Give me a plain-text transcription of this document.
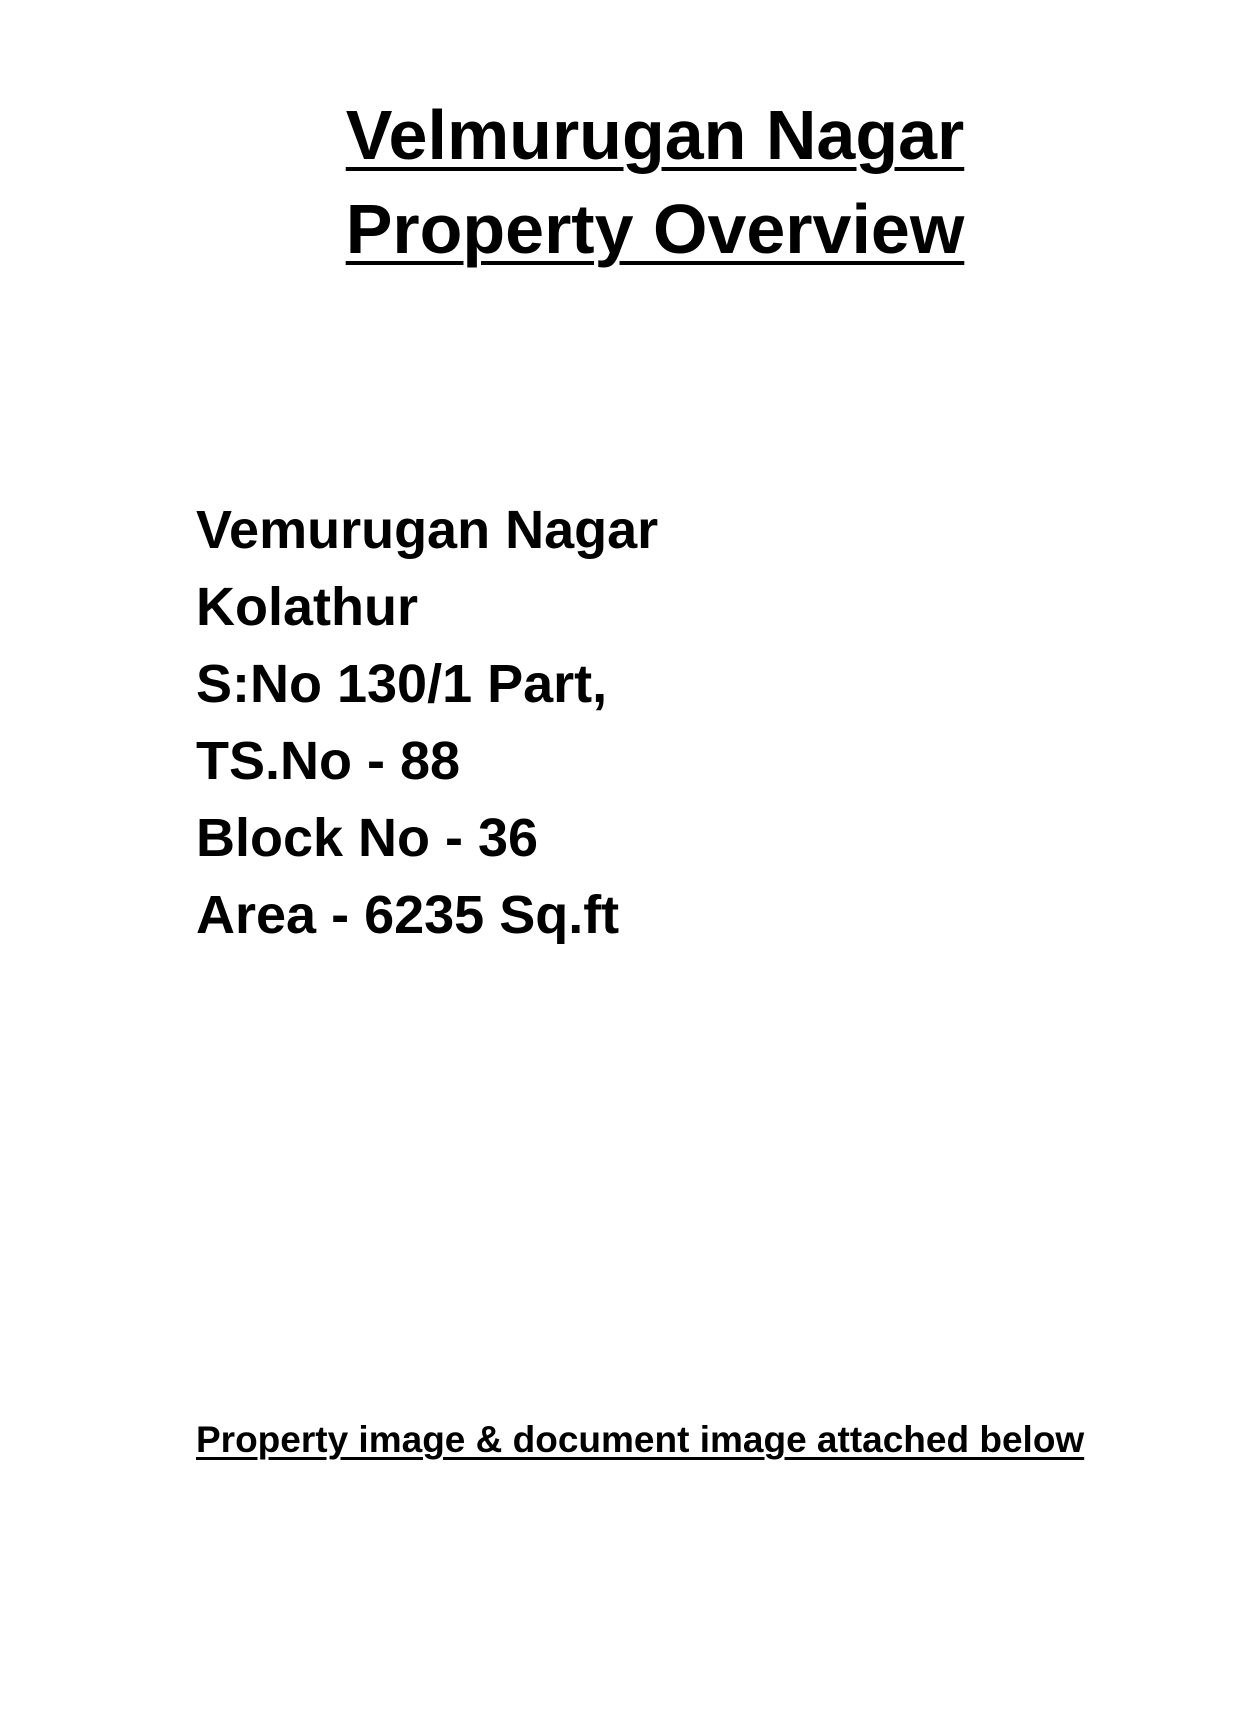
Velmurugan Nagar
Property Overview
Vemurugan Nagar
Kolathur
S:No 130/1 Part,
TS.No - 88
Block No - 36
Area - 6235 Sq.ft
Property image & document image attached below
